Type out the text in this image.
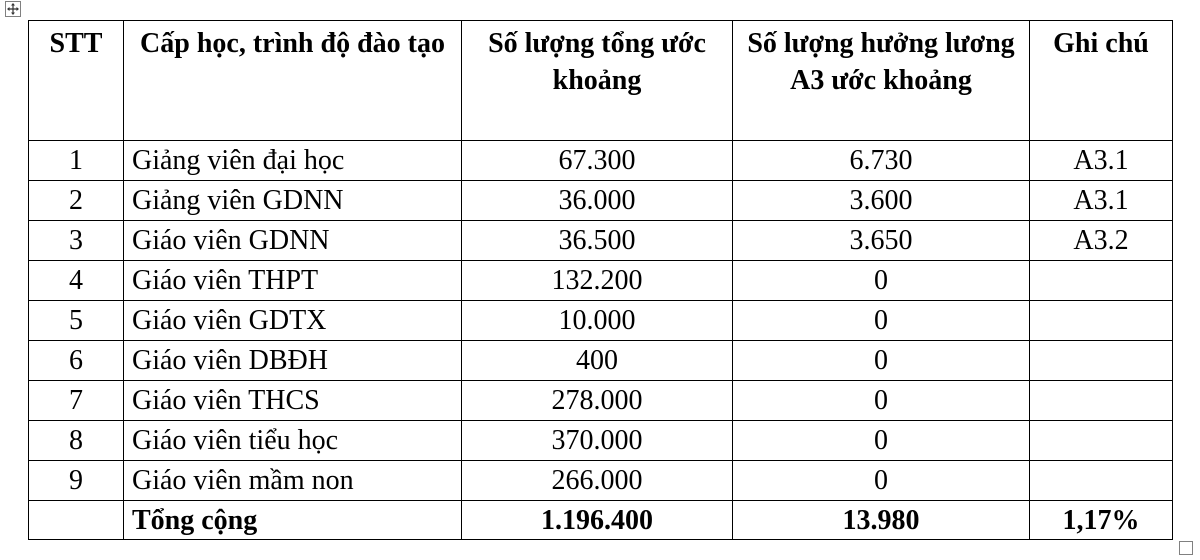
STT	Cấp học, trình độ đào tạo	Số lượng tổng ước khoảng	Số lượng hưởng lương A3 ước khoảng	Ghi chú
1	Giảng viên đại học	67.300	6.730	A3.1
2	Giảng viên GDNN	36.000	3.600	A3.1
3	Giáo viên GDNN	36.500	3.650	A3.2
4	Giáo viên THPT	132.200	0	
5	Giáo viên GDTX	10.000	0	
6	Giáo viên DBĐH	400	0	
7	Giáo viên THCS	278.000	0	
8	Giáo viên tiểu học	370.000	0	
9	Giáo viên mầm non	266.000	0	
	Tổng cộng	1.196.400	13.980	1,17%
